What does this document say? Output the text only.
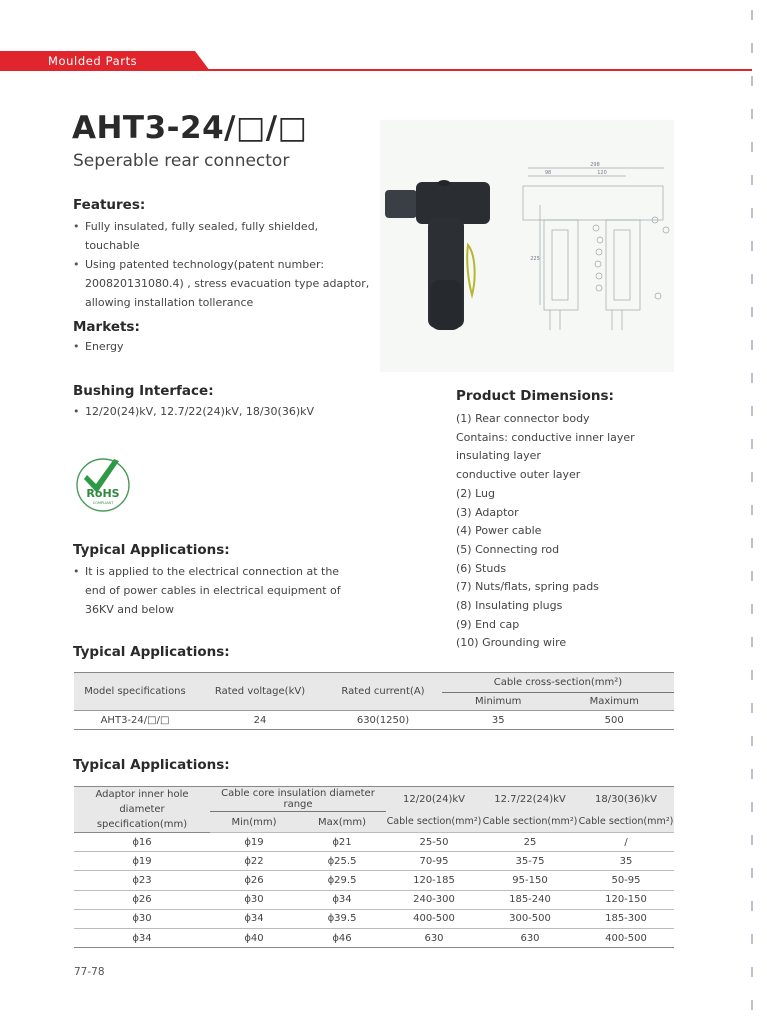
Moulded Parts
AHT3-24/□/□
Seperable rear connector
Features:
• Fully insulated, fully sealed, fully shielded, touchable
• Using patented technology(patent number: 200820131080.4) , stress evacuation type adaptor, allowing installation tollerance
Markets:
• Energy
Bushing Interface:
• 12/20(24)kV, 12.7/22(24)kV, 18/30(36)kV
RoHS
COMPLIANT
Typical Applications:
• It is applied to the electrical connection at the end of power cables in electrical equipment of 36KV and below
298
98	120
225
Product Dimensions:
(1) Rear connector body
Contains: conductive inner layer
insulating layer
conductive outer layer
(2) Lug
(3) Adaptor
(4) Power cable
(5) Connecting rod
(6) Studs
(7) Nuts/flats, spring pads
(8) Insulating plugs
(9) End cap
(10) Grounding wire
Typical Applications:
Model specifications	Rated voltage(kV)	Rated current(A)	Cable cross-section(mm²)	
			Minimum	Maximum
AHT3-24/□/□	24	630(1250)	35	500
Typical Applications:
Adaptor inner hole diameter specification(mm)	Cable core insulation diameter range		12/20(24)kV	12.7/22(24)kV	18/30(36)kV
	Min(mm)	Max(mm)	Cable section(mm²)	Cable section(mm²)	Cable section(mm²)
ϕ16	ϕ19	ϕ21	25-50	25	/
ϕ19	ϕ22	ϕ25.5	70-95	35-75	35
ϕ23	ϕ26	ϕ29.5	120-185	95-150	50-95
ϕ26	ϕ30	ϕ34	240-300	185-240	120-150
ϕ30	ϕ34	ϕ39.5	400-500	300-500	185-300
ϕ34	ϕ40	ϕ46	630	630	400-500
77-78
